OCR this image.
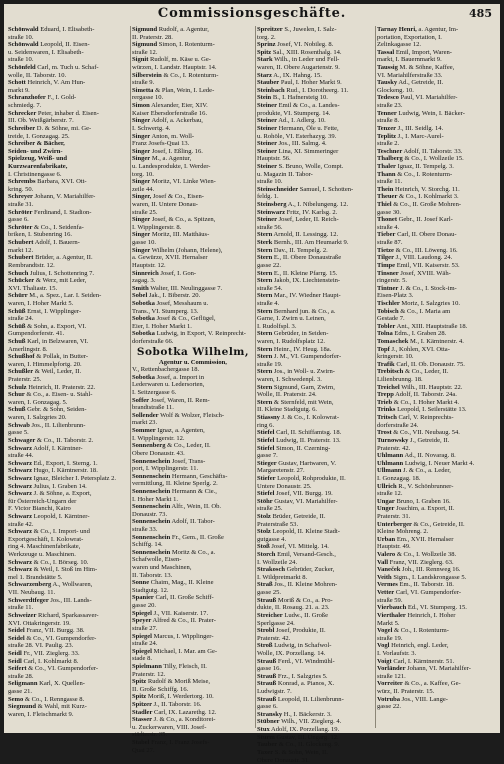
Commissionsgeschäfte.	485
Schönwald Eduard, I. Elisabeth-
straße 10.
Schönwald Leopold, II. Eisen-
u. Seidenwaren, I. Elisabeth-
straße 10.
Schönfeld Carl, m. Tuch u. Schaf-
wolle, II. Taborstr. 10.
Schott Heinrich, V. Am Hun-
markt 9.
Schranzhofer F., I. Gold-
schmiedg. 7.
Schrecker Peter, inhaber d. Eisen-
III. Ob. Weißgärberstr. 7.
Schreiber D. & Söhne, mi. Ge-
treide, I. Gonzagag. 25.
Schreiber & Bächer,
Seiden- und Zwirn-
Spielzeug, Weiß- und
Kurzwarenfabrikate,
I. Christinengasse 6.
Schrembs Barbara, XVI. Ott-
kring. 50.
Schreyer Johann, V. Mariahilfer-
straße 31.
Schröter Ferdinand, I. Stadion-
gasse 6.
Schröter & Co., I. Seidenfa-
briken, I. Stubenring 16.
Schubert Adolf, I. Bauern-
markt 12.
Schubert Brüder, a. Agentur, II.
Rembrandtstr. 12.
Schuch Julius, I. Schottenring 7.
Schücker & Werz, mit Leder,
XVI. Thaliastr. 15.
Schürr M., a. Spez., Lar. I. Seiden-
waren, I. Hoher Markt 5.
Schüß Ernst, I. Wipplinger-
straße 24.
Schüß & Sohn, a. Export, VI.
Gumpendorferstr. 41.
Schuß Karl, in Belzwaren, VI.
Amerlingstr. 8.
Schußhof & Pollak, in Butter-
waren, I. Himmelpfortg. 20.
Schußler & Weil, Leder, II.
Praterstr. 25.
Schulz Heinrich, II. Praterstr. 22.
Schur & Co., a. Eisen- u. Stahl-
waren, I. Gonzagag. 5.
Schuß Gebr. & Sohn, Seiden-
waren, I. Salzgries 20.
Schwab Jos., II. Lilienbrunn-
gasse 5.
Schwager & Co., II. Taborstr. 2.
Schwarz Adolf, I. Kärntner-
straße 44.
Schwarz Ed., Export, I. Sterng. 1.
Schwarz Hugo, I. Kärntnerstr. 18.
Schwarz Ignaz, Bleicher I. Petersplatz 2.
Schwarz Julius, I. Graben 14.
Schwarz J. & Söhne, a. Export,
für Österreich-Ungarn der
F. Victor Bianchi, Kairo
Schwarz Leopold, I. Kärntner-
straße 42.
Schwarz & Co., I. Import- und
Exportgeschäft, I. Kolowrat-
ring 4. Maschinenfabrikate,
Werkzeuge u. Maschinen.
Schwarz & Co., I. Börseg. 10.
Schwarz & Weil, I. Stoß im Him-
mel 1. Brandstätte 5.
Schwarzenberg A., Wollwaren,
VII. Neubaug. 11.
Schwerdtfeger Jos., III. Lands-
straße 11.
Schweizer Richard, Sparkassaver-
XVI. Ottakringerstr. 19.
Seidel Franz, VII. Burgg. 38.
Seidel & Co., VI. Gumpendorfer-
straße 28. VI. Paulig. 23.
Seidl Fr., VII. Zieglerg. 33.
Seidl Carl, I. Kohlmarkt 8.
Seifert & Co., VI. Gumpendorfer-
straße 28.
Seligmann Karl, X. Quellen-
gasse 21.
Semo & Co., I. Renngasse 8.
Siegmund & Wahl, mit Kurz-
waren, I. Fleischmarkt 9.
Sigmund Rudolf, a. Agentur,
II. Praterstr. 28.
Sigmund Simon, I. Rotenturm-
straße 12.
Signit Rudolf, m. Käse u. Ge-
würzen, I. Landstr. Hauptstr. 14.
Silberstein & Co., I. Rotenturm-
straße 9.
Simetta & Plan, Wein, I. Lede-
rergasse 10.
Simon Alexander, Eier, XIV.
Kaiser Ebersdorferstraße 16.
Singer Adolf, a. Ackerbau,
I. Schwertg. 4.
Singer Anton, m. Woll-
Franz Josefs-Quai 13.
Singer Josef, I. Eßling. 16.
Singer M., a. Agentur,
u. Landesprodukte, I. Werder-
torg. 10.
Singer Moritz, VI. Linke Wien-
zeile 44.
Singer, Josef & Co., Eisen-
waren, II. Untere Donau-
straße 25.
Singer Josef, & Co., a. Spitzen,
I. Wipplingerstr. 8.
Singer Moritz, III. Matthäus-
gasse 10.
Singer Wilhelm (Johann, Helene),
a. Gewürze, XVII. Hernalser
Hauptstr. 12.
Sinnreich Josef, I. Gon-
zagag. 3.
Smith Walter, III. Neulinggasse 7.
Sobel Jak., I. Biberstr. 20.
Sobotka Josef, Messhaum u.
Trans., VI. Stumperg. 13.
Sobotka Josef & Co., Geflügel,
Eier, I. Hoher Markt 1.
Sobotka Ludwig, in Export, V. Reinprecht-
dorferstraße 66.
Sobotka Wilhelm,
Agentur u. Commission,
V., Rettenbachergasse 18.
Sobotka Josef, a. Import in
Lederwaren u. Ledersorten,
I. Seitzergasse 6.
Soffer Josef, Waren, II. Rem-
brandtstraße 11.
Sollender Wolf & Wolzer, Fleisch-
markt 23.
Sommer Ignaz, a. Agenten,
I. Wipplingerstr. 12.
Sonnenberg & Co., Leder, II.
Obere Donaustr. 43.
Sonnenschein Josef, Trans-
port, I. Wipplingerstr. 11.
Sonnenschein Hermann, Geschäfts-
vermittlung, II. Kleine Sperlg. 2.
Sonnenschein Hermann & Cie.,
I. Hoher Markt 1.
Sonnenschein Alfr., Wein, II. Ob.
Donaustr. 73.
Sonnenschein Adolf, II. Tabor-
straße 33.
Sonnenschein Fr., Gem., II. Große
Schiffg. 14.
Sonnenschein Moritz & Co., a.
Schafwolle, Eisen-
waren und Maschinen,
II. Taborstr. 13.
Sonne Chaim, Mag., II. Kleine
Stadtgutg. 12.
Spanier Carl, II. Große Schiff-
gasse 20.
Spiegel J., VII. Kaiserstr. 17.
Speyer Alfred & Co., II. Prater-
straße 27.
Spiegel Marcus, I. Wipplinger-
straße 24.
Spiegel Michael, I. Mar. am Ge-
stade 8.
Spielmann Tilly, Fleisch, II.
Praterstr. 12.
Spitz Rudolf & Moriß Meise,
II. Große Schiffg. 16.
Spitz Moriß, I. Werdertorg. 10.
Spitzer J., II. Taborstr. 16.
Stadler Carl, IX. Lazarethg. 12.
Stasser J. & Co., a. Konditorei-
u. Zuckerwaren, VIII. Josef-
städterstr. 35.
Stabel Franz, I. Franz Josefs-
Quai 27.
Spreitzer S., Juwelen, I. Salz-
torg. 2.
Sprinz Josef, VI. Nobileg. 8.
Spitz Sal., XIII. Rosenthalg. 14.
Stark Wilh., in Leder und Fell-
waren, II. Obere Augartenstr. 9.
Starz A., IX. Hahng. 15.
Stauber Paul, I. Hoher Markt 9.
Steinbach Rud., I. Dorotheerg. 11.
Stein B., I. Hafnersteig 10.
Steiner Emil & Co., a. Landes-
produkte, VI. Stumperg. 14.
Steiner Ad., I. Adlerg. 10.
Steiner Hermann, Öle u. Fette,
u. Rohöle, VI. Esterhazyg. 39.
Steiner Jos., III. Salmg. 4.
Steiner Lina, XI. Simmeringer
Hauptstr. 56.
Steiner S. Bruno, Wolle, Compt.
u. Magazin II. Tabor-
straße 10.
Steinschneider Samuel, I. Schotten-
feldg. 1.
Steinsberg A., I. Nibelungeng. 12.
Steinwarz Fritz, IV. Karlsg. 2.
Steiner Josef, Leder, II. Reich-
straße 56.
Stern Arnold, II. Lessingg. 12.
Sterk Bernh., III. Am Heumarkt 9.
Stern Dav., II. Tempelg. 2.
Stern E., II. Obere Donaustraße
gasse 22.
Stern E., II. Kleine Pfarrg. 15.
Stern Jakob, IX. Liechtenstein-
straße 54.
Stern Mar., IV. Wiedner Haupt-
straße 4.
Stern Bernhard jun. & Co., a.
Garne, I. Zwirn u. Leinen,
I. Rudolfspl. 3.
Stern Gebrüder, in Seiden-
waren, I. Rudolfsplatz 12.
Stern Heinr., IV. Heug. 18a.
Stern J. M., VI. Gumpendorfer-
straße 19.
Stern Jos., in Woll- u. Zwirn-
waren, I. Schwedenpl. 3.
Stern Sigmund, Garn, Zwirn,
Wolle, II. Praterstr. 24.
Stern & Sternfeld, mit Wein,
II. Kleine Stadtgutg. 6.
Stiassny J. & Co., I. Kolowrat-
ring 6.
Stiefel Carl, II. Schiffamtsg. 18.
Stiefel Ludwig, II. Praterstr. 13.
Stiefel Simon, II. Czerning-
gasse 7.
Stieger Gustav, Hartwaren, V.
Margaretenstr. 27.
Stiefer Leopold, Rohprodukte, II.
Untere Donaustr. 25.
Stiefel Josef, VII. Burgg. 19.
Stöhr Gustav, VI. Mariahilfer-
straße 25.
Stolz Brüder, Getreide, II.
Praterstraße 53.
Stolz Leopold, II. Kleine Stadt-
gutgasse 4.
Stoß Josef, VI. Mittelg. 14.
Storch Emil, Versand-Gesch.,
I. Wollzeile 24.
Strakosch Gebrüder, Zucker,
I. Wildpretmarkt 8.
Straß Jos., II. Kleine Mohren-
gasse 25.
Strauß Moriß & Co., a. Pro-
dukte, II. Rosaug. 21. a. 23.
Streicher Ludw., II. Große
Sperlgasse 24.
Strobl Josef, Produkte, II.
Praterstr. 42.
Stroß Ludwig, in Schafwol-
Wolle, IX. Porzellang. 14.
Strauß Ferd., VI. Windmühl-
gasse 16.
Strauß Frz., I. Salzgries 5.
Strauß Konrad, a. Pianos, X.
Ludwigstr. 7.
Strauß Leopold, II. Lilienbrunn-
gasse 6.
Stransky H., I. Bäckerstr. 3.
Stübner Wilh., VII. Zieglerg. 4.
Stux Adolf, IX. Porzellang. 19.
Sturm Gustav, III. Ungarg. 12.
Tauber & Co., II. Glockeng. 9.
Taxer S. & Sohn, Wein, II.
Obere Donaustr. 31.
Tarnay Henri, a. Agentur, Im-
portation, Exportation, I.
Zelinkagasse 12.
Tassal Emil, Import, Waren-
markt, I. Bauernmarkt 9.
Taussig M. & Söhne, Kaffee,
VI. Mariahilferstraße 33.
Tausky Ad., Getreide, II.
Glockeng. 10.
Tedesco Paul, VI. Mariahilfer-
straße 23.
Tenner Ludwig, Wein, I. Bäcker-
straße 8.
Tenzer J., III. Seidlg. 14.
Teplitz J., I. Marc-Aurel-
straße 2.
Teschner Adolf, II. Taborstr. 33.
Thalberg & Co., I. Wollzeile 15.
Thaler Ignaz, II. Tempelg. 3.
Thann & Co., I. Rotenturm-
straße 11.
Thein Heinrich, V. Storchg. 11.
Theuer & Co., I. Kohlmarkt 3.
Thiel & Co., II. Große Mohren-
gasse 30.
Thonet Gebr., II. Josef Karl-
straße 4.
Tieber Carl, II. Obere Donau-
straße 87.
Tietze & Co., III. Löweng. 16.
Tilger J., VIII. Laudong. 24.
Timpe Emil, VII. Kaiserstr. 53.
Tinsner Josef, XVIII. Wäh-
ringerstr. 5.
Tintner J. & Co., I. Stock-im-
Eisen-Platz 3.
Tischler Moriz, I. Salzgries 10.
Tobisch & Co., I. Maria am
Gestade 7.
Tobler Ant., XIII. Hauptstraße 18.
Tolna Edm., I. Graben 28.
Tomaschek M., I. Kärntnerstr. 4.
Topf J., Kohlen, XVI. Otta-
kringerstr. 10.
Trafik Carl, II. Ob. Donaustr. 75.
Trebitsch & Co., Leder, II.
Lilienbrunng. 18.
Treichel Wilh., III. Hauptstr. 22.
Trepp Adolf, II. Taborstr. 24a.
Trieb & Co., I. Hoher Markt 4.
Trinks Leopold, I. Seilerstätte 13.
Tritsch Carl, V. Reinprechts-
dorferstraße 24.
Trost & Co., VII. Neubaug. 54.
Turnowsky J., Getreide, II.
Praterstr. 42.
Uhlmann Ad., II. Novarag. 8.
Uhlmann Ludwig, I. Neuer Markt 4.
Ullmann J. & Co., a. Leder,
I. Gonzagag. 18.
Ullrich R., V. Schönbrunner-
straße 12.
Ungar Bruno, I. Graben 16.
Unger Joachim, a. Export, II.
Praterstr. 31.
Unterberger & Co., Getreide, II.
Kleine Mohreng. 2.
Urban Em., XVII. Hernalser
Hauptstr. 49.
Valero & Co., I. Wollzeile 38.
Vall Franz, VII. Zieglerg. 63.
Vaneček Joh., III. Rennweg 16.
Veith Sigm., I. Landskrongasse 5.
Vermes Em., II. Taborstr. 18.
Vetter Carl, VI. Gumpendorfer-
straße 59.
Vierbauch Ed., VI. Stumperg. 15.
Vierthaler Heinrich, I. Hoher
Markt 5.
Vogel & Co., I. Rotenturm-
straße 19.
Vogl Heinrich, engl. Leder,
I. Vorlaufstr. 3.
Voigt Carl, I. Kärntnerstr. 51.
Vorländer Johann, VI. Mariahilfer-
straße 121.
Vorreiter & Co., a. Kaffee, Ge-
würz, II. Praterstr. 15.
Votruba Jos., VIII. Lange-
gasse 22.
